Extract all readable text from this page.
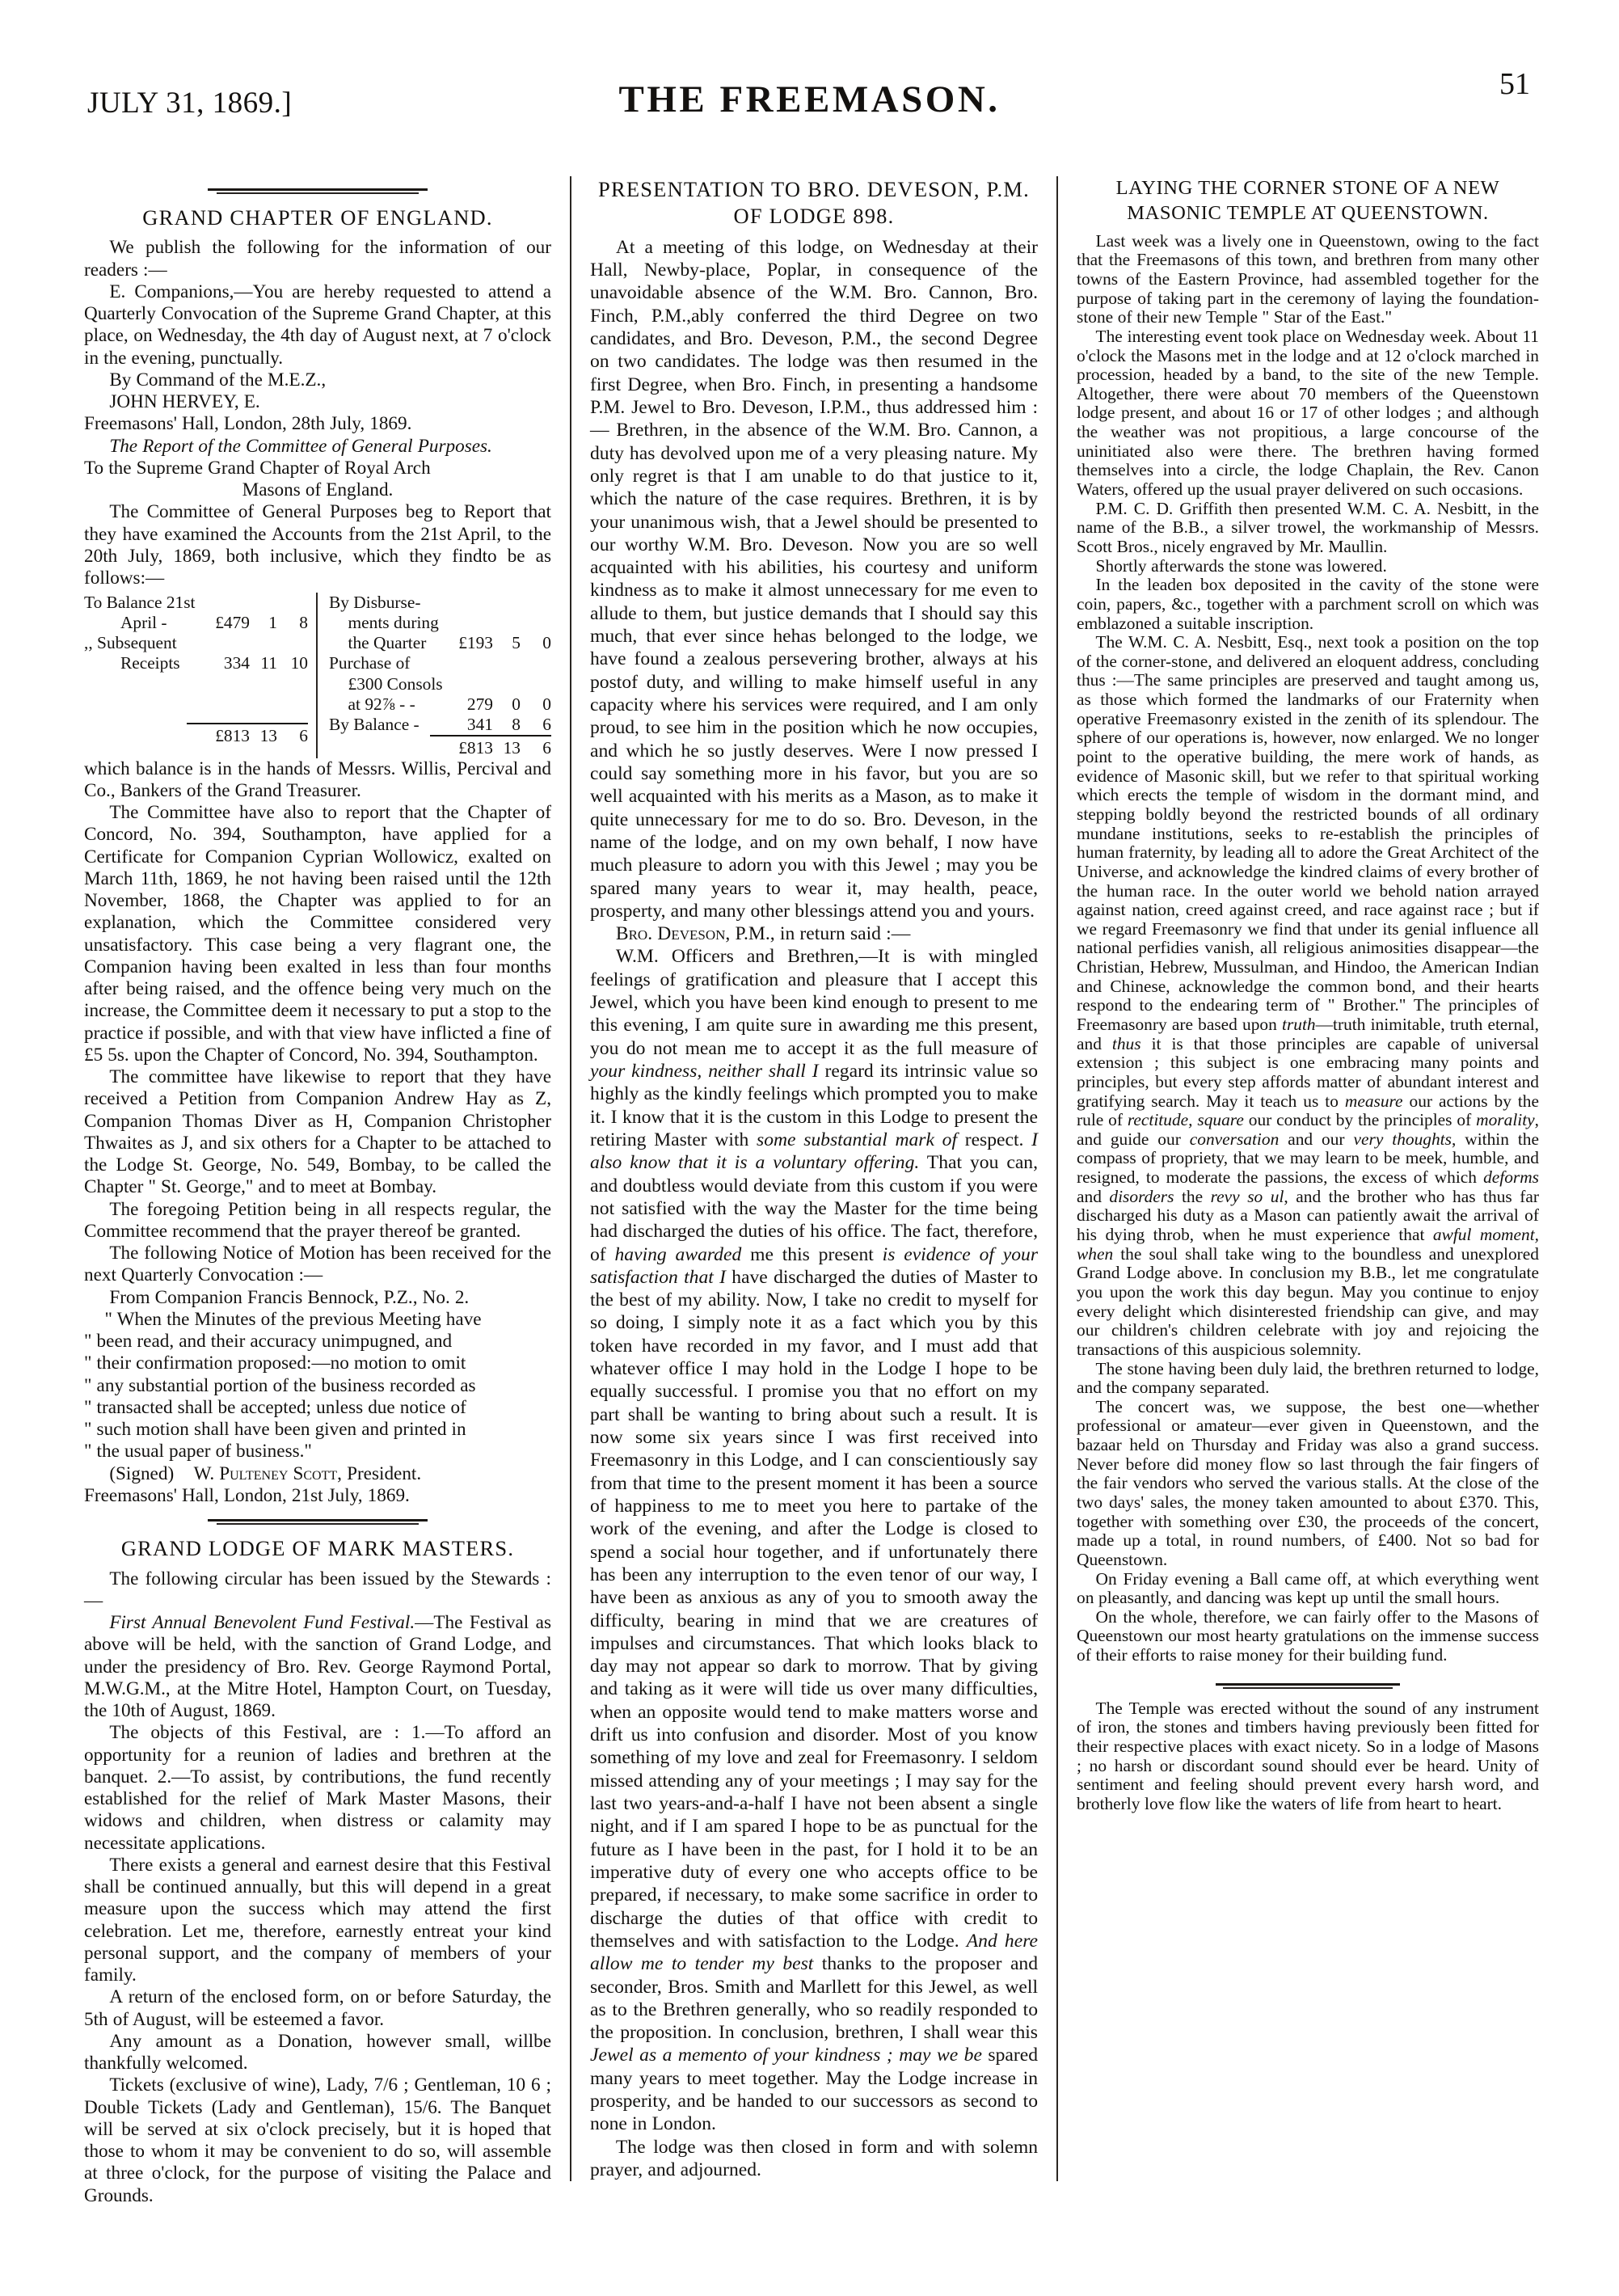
JULY 31, 1869.]	THE FREEMASON.	51
GRAND CHAPTER OF ENGLAND.

We publish the following for the information of our readers :—

E. Companions,—You are hereby requested to attend a Quarterly Convocation of the Supreme Grand Chapter, at this place, on Wednesday, the 4th day of August next, at 7 o'clock in the evening, punctually.

By Command of the M.E.Z.,

JOHN HERVEY, E.

Freemasons' Hall, London, 28th July, 1869.

The Report of the Committee of General Purposes.

To the Supreme Grand Chapter of Royal Arch

Masons of England.

The Committee of General Purposes beg to Report that they have examined the Accounts from the 21st April, to the 20th July, 1869, both inclusive, which they findto be as follows:—

To Balance 21st
April -	£479	1	8
,, Subsequent
Receipts	334 11 10
£813 13	6
By Disburse-
ments during
the Quarter	£193	5	0
Purchase of
£300 Consols
at 92⅞ - -	279	0	0
By Balance -	341	8	6
£813 13	6

which balance is in the hands of Messrs. Willis, Percival and Co., Bankers of the Grand Treasurer.

The Committee have also to report that the Chapter of Concord, No. 394, Southampton, have applied for a Certificate for Companion Cyprian Wollowicz, exalted on March 11th, 1869, he not having been raised until the 12th November, 1868, the Chapter was applied to for an explanation, which the Committee considered very unsatisfactory. This case being a very flagrant one, the Companion having been exalted in less than four months after being raised, and the offence being very much on the increase, the Committee deem it necessary to put a stop to the practice if possible, and with that view have inflicted a fine of £5 5s. upon the Chapter of Concord, No. 394, Southampton.

The committee have likewise to report that they have received a Petition from Companion Andrew Hay as Z, Companion Thomas Diver as H, Companion Christopher Thwaites as J, and six others for a Chapter to be attached to the Lodge St. George, No. 549, Bombay, to be called the Chapter " St. George," and to meet at Bombay.

The foregoing Petition being in all respects regular, the Committee recommend that the prayer thereof be granted.

The following Notice of Motion has been received for the next Quarterly Convocation :—

From Companion Francis Bennock, P.Z., No. 2.

" When the Minutes of the previous Meeting have

" been read, and their accuracy unimpugned, and

" their confirmation proposed:—no motion to omit

" any substantial portion of the business recorded as

" transacted shall be accepted; unless due notice of

" such motion shall have been given and printed in

" the usual paper of business."

(Signed)    W. Pulteney Scott, President.

Freemasons' Hall, London, 21st July, 1869.

GRAND LODGE OF MARK MASTERS.

The following circular has been issued by the Stewards :—

First Annual Benevolent Fund Festival.—The Festival as above will be held, with the sanction of Grand Lodge, and under the presidency of Bro. Rev. George Raymond Portal, M.W.G.M., at the Mitre Hotel, Hampton Court, on Tuesday, the 10th of August, 1869.

The objects of this Festival, are : 1.—To afford an opportunity for a reunion of ladies and brethren at the banquet. 2.—To assist, by contributions, the fund recently established for the relief of Mark Master Masons, their widows and children, when distress or calamity may necessitate applications.

There exists a general and earnest desire that this Festival shall be continued annually, but this will depend in a great measure upon the success which may attend the first celebration. Let me, therefore, earnestly entreat your kind personal support, and the company of members of your family.

A return of the enclosed form, on or before Saturday, the 5th of August, will be esteemed a favor.

Any amount as a Donation, however small, willbe thankfully welcomed.

Tickets (exclusive of wine), Lady, 7/6 ; Gentleman, 10 6 ; Double Tickets (Lady and Gentleman), 15/6. The Banquet will be served at six o'clock precisely, but it is hoped that those to whom it may be convenient to do so, will assemble at three o'clock, for the purpose of visiting the Palace and Grounds.

PRESENTATION TO BRO. DEVESON, P.M.
OF LODGE 898.

At a meeting of this lodge, on Wednesday at their Hall, Newby-place, Poplar, in consequence of the unavoidable absence of the W.M. Bro. Cannon, Bro. Finch, P.M.,ably conferred the third Degree on two candidates, and Bro. Deveson, P.M., the second Degree on two candidates. The lodge was then resumed in the first Degree, when Bro. Finch, in presenting a handsome P.M. Jewel to Bro. Deveson, I.P.M., thus addressed him :— Brethren, in the absence of the W.M. Bro. Cannon, a duty has devolved upon me of a very pleasing nature. My only regret is that I am unable to do that justice to it, which the nature of the case requires. Brethren, it is by your unanimous wish, that a Jewel should be presented to our worthy W.M. Bro. Deveson. Now you are so well acquainted with his abilities, his courtesy and uniform kindness as to make it almost unnecessary for me even to allude to them, but justice demands that I should say this much, that ever since hehas belonged to the lodge, we have found a zealous persevering brother, always at his postof duty, and willing to make himself useful in any capacity where his services were required, and I am only proud, to see him in the position which he now occupies, and which he so justly deserves. Were I now pressed I could say something more in his favor, but you are so well acquainted with his merits as a Mason, as to make it quite unnecessary for me to do so. Bro. Deveson, in the name of the lodge, and on my own behalf, I now have much pleasure to adorn you with this Jewel ; may you be spared many years to wear it, may health, peace, prosperty, and many other blessings attend you and yours.

Bro. Deveson, P.M., in return said :—

W.M. Officers and Brethren,—It is with mingled feelings of gratification and pleasure that I accept this Jewel, which you have been kind enough to present to me this evening, I am quite sure in awarding me this present, you do not mean me to accept it as the full measure of your kindness, neither shall I regard its intrinsic value so highly as the kindly feelings which prompted you to make it. I know that it is the custom in this Lodge to present the retiring Master with some substantial mark of respect. I also know that it is a voluntary offering. That you can, and doubtless would deviate from this custom if you were not satisfied with the way the Master for the time being had discharged the duties of his office. The fact, therefore, of having awarded me this present is evidence of your satisfaction that I have discharged the duties of Master to the best of my ability. Now, I take no credit to myself for so doing, I simply note it as a fact which you by this token have recorded in my favor, and I must add that whatever office I may hold in the Lodge I hope to be equally successful. I promise you that no effort on my part shall be wanting to bring about such a result. It is now some six years since I was first received into Freemasonry in this Lodge, and I can conscientiously say from that time to the present moment it has been a source of happiness to me to meet you here to partake of the work of the evening, and after the Lodge is closed to spend a social hour together, and if unfortunately there has been any interruption to the even tenor of our way, I have been as anxious as any of you to smooth away the difficulty, bearing in mind that we are creatures of impulses and circumstances. That which looks black to day may not appear so dark to morrow. That by giving and taking as it were will tide us over many difficulties, when an opposite would tend to make matters worse and drift us into confusion and disorder. Most of you know something of my love and zeal for Freemasonry. I seldom missed attending any of your meetings ; I may say for the last two years-and-a-half I have not been absent a single night, and if I am spared I hope to be as punctual for the future as I have been in the past, for I hold it to be an imperative duty of every one who accepts office to be prepared, if necessary, to make some sacrifice in order to discharge the duties of that office with credit to themselves and with satisfaction to the Lodge. And here allow me to tender my best thanks to the proposer and seconder, Bros. Smith and Marllett for this Jewel, as well as to the Brethren generally, who so readily responded to the proposition. In conclusion, brethren, I shall wear this Jewel as a memento of your kindness ; may we be spared many years to meet together. May the Lodge increase in prosperity, and be handed to our successors as second to none in London.

The lodge was then closed in form and with solemn prayer, and adjourned.

LAYING THE CORNER STONE OF A NEW
MASONIC TEMPLE AT QUEENSTOWN.

Last week was a lively one in Queenstown, owing to the fact that the Freemasons of this town, and brethren from many other towns of the Eastern Province, had assembled together for the purpose of taking part in the ceremony of laying the foundation-stone of their new Temple " Star of the East."

The interesting event took place on Wednesday week. About 11 o'clock the Masons met in the lodge and at 12 o'clock marched in procession, headed by a band, to the site of the new Temple. Altogether, there were about 70 members of the Queenstown lodge present, and about 16 or 17 of other lodges ; and although the weather was not propitious, a large concourse of the uninitiated also were there. The brethren having formed themselves into a circle, the lodge Chaplain, the Rev. Canon Waters, offered up the usual prayer delivered on such occasions.

P.M. C. D. Griffith then presented W.M. C. A. Nesbitt, in the name of the B.B., a silver trowel, the workmanship of Messrs. Scott Bros., nicely engraved by Mr. Maullin.

Shortly afterwards the stone was lowered.

In the leaden box deposited in the cavity of the stone were coin, papers, &c., together with a parchment scroll on which was emblazoned a suitable inscription.

The W.M. C. A. Nesbitt, Esq., next took a position on the top of the corner-stone, and delivered an eloquent address, concluding thus :—The same principles are preserved and taught among us, as those which formed the landmarks of our Fraternity when operative Freemasonry existed in the zenith of its splendour. The sphere of our operations is, however, now enlarged. We no longer point to the operative building, the mere work of hands, as evidence of Masonic skill, but we refer to that spiritual working which erects the temple of wisdom in the dormant mind, and stepping boldly beyond the restricted bounds of all ordinary mundane institutions, seeks to re-establish the principles of human fraternity, by leading all to adore the Great Architect of the Universe, and acknowledge the kindred claims of every brother of the human race. In the outer world we behold nation arrayed against nation, creed against creed, and race against race ; but if we regard Freemasonry we find that under its genial influence all national perfidies vanish, all religious animosities disappear—the Christian, Hebrew, Mussulman, and Hindoo, the American Indian and Chinese, acknowledge the common bond, and their hearts respond to the endearing term of " Brother." The principles of Freemasonry are based upon truth—truth inimitable, truth eternal, and thus it is that those principles are capable of universal extension ; this subject is one embracing many points and principles, but every step affords matter of abundant interest and gratifying search. May it teach us to measure our actions by the rule of rectitude, square our conduct by the principles of morality, and guide our conversation and our very thoughts, within the compass of propriety, that we may learn to be meek, humble, and resigned, to moderate the passions, the excess of which deforms and disorders the revy so ul, and the brother who has thus far discharged his duty as a Mason can patiently await the arrival of his dying throb, when he must experience that awful moment, when the soul shall take wing to the boundless and unexplored Grand Lodge above. In conclusion my B.B., let me congratulate you upon the work this day begun. May you continue to enjoy every delight which disinterested friendship can give, and may our children's children celebrate with joy and rejoicing the transactions of this auspicious solemnity.

The stone having been duly laid, the brethren returned to lodge, and the company separated.

The concert was, we suppose, the best one—whether professional or amateur—ever given in Queenstown, and the bazaar held on Thursday and Friday was also a grand success. Never before did money flow so last through the fair fingers of the fair vendors who served the various stalls. At the close of the two days' sales, the money taken amounted to about £370. This, together with something over £30, the proceeds of the concert, made up a total, in round numbers, of £400. Not so bad for Queenstown.

On Friday evening a Ball came off, at which everything went on pleasantly, and dancing was kept up until the small hours.

On the whole, therefore, we can fairly offer to the Masons of Queenstown our most hearty gratulations on the immense success of their efforts to raise money for their building fund.

The Temple was erected without the sound of any instrument of iron, the stones and timbers having previously been fitted for their respective places with exact nicety. So in a lodge of Masons ; no harsh or discordant sound should ever be heard. Unity of sentiment and feeling should prevent every harsh word, and brotherly love flow like the waters of life from heart to heart.
